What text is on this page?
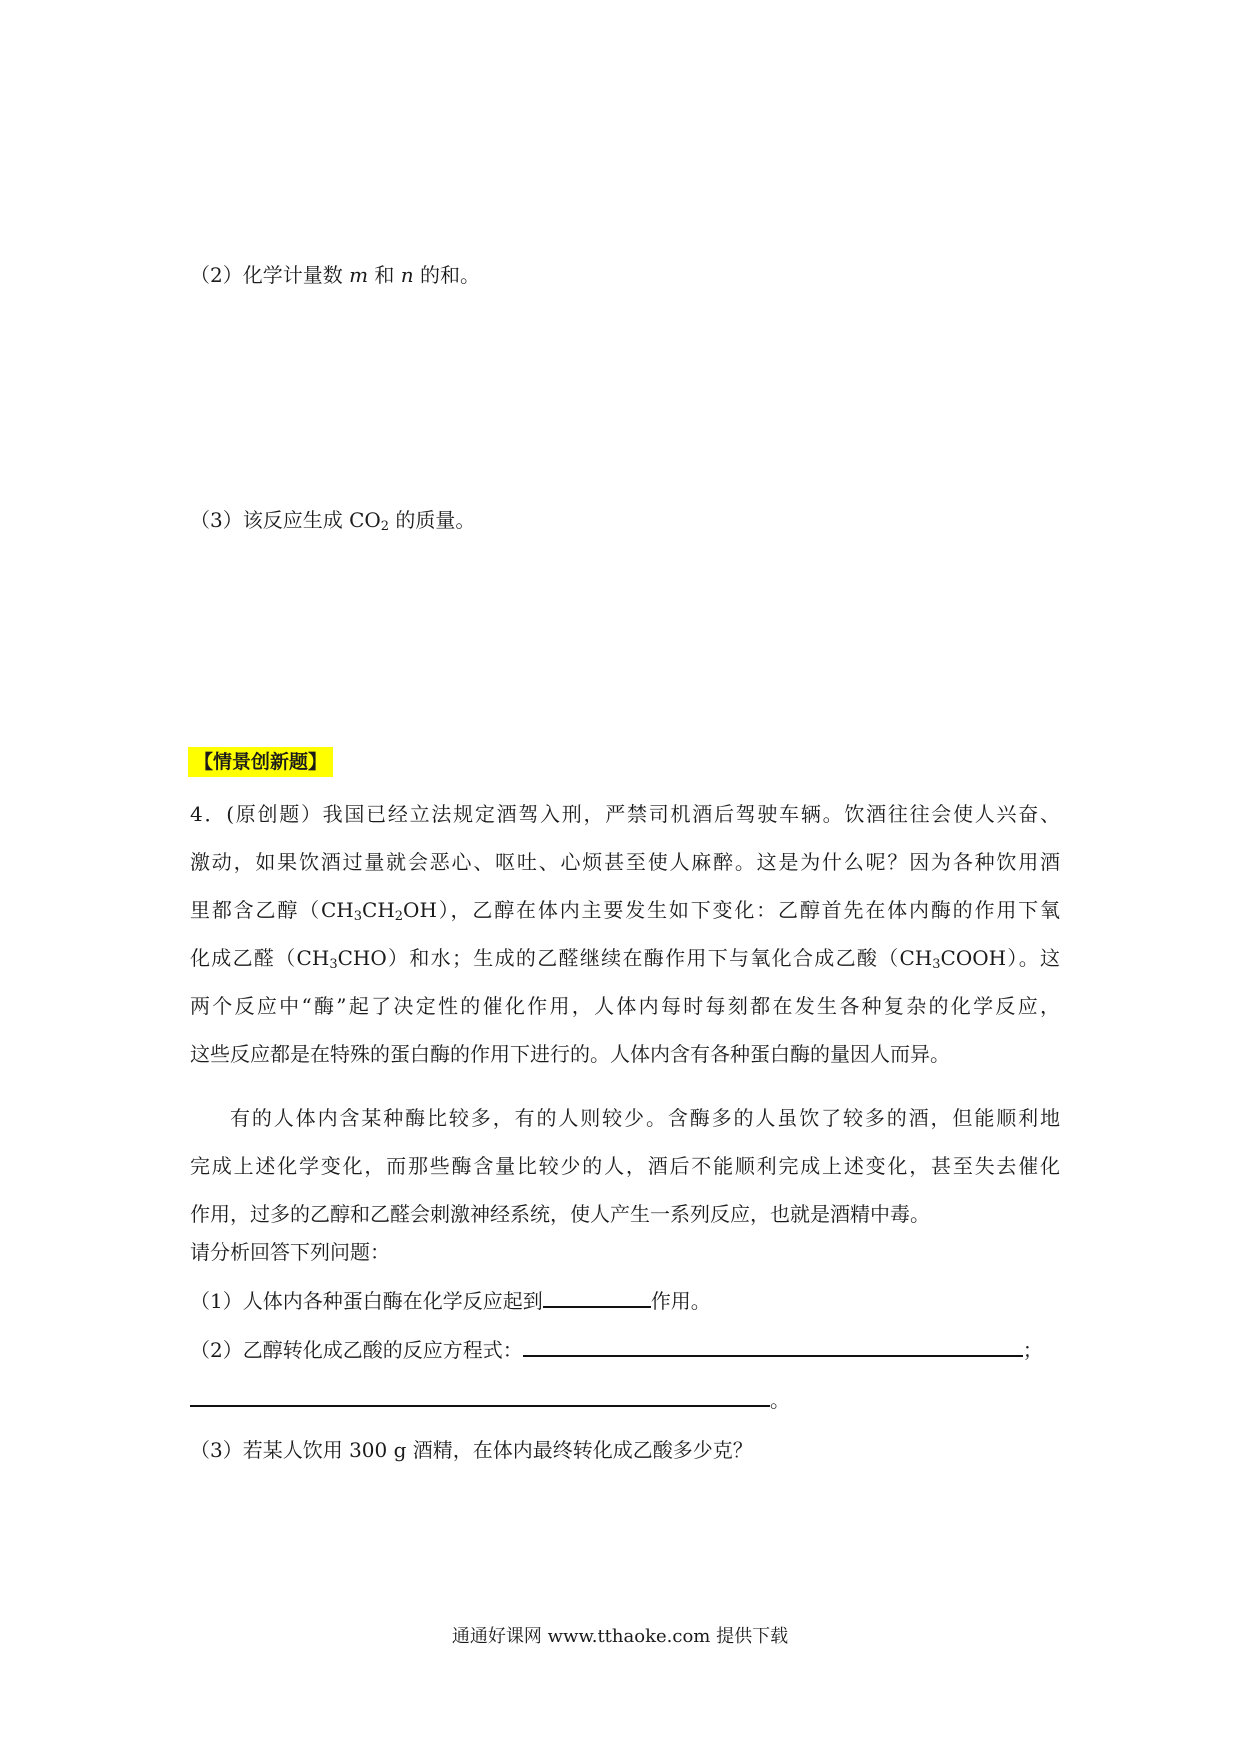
（2）化学计量数 m 和 n 的和。
（3）该反应生成 $CO_2$ 的质量。
【情景创新题】
4．(原创题）我国已经立法规定酒驾入刑，严禁司机酒后驾驶车辆。饮酒往往会使人兴奋、
激动，如果饮酒过量就会恶心、呕吐、心烦甚至使人麻醉。这是为什么呢？因为各种饮用酒
里都含乙醇$(CH_3CH_2OH)$，乙醇在体内主要发生如下变化：乙醇首先在体内酶的作用下氧
化成乙醛$(CH_3CHO)$和水；生成的乙醛继续在酶作用下与氧化合成乙酸$(CH_3COOH)$。这
两个反应中“酶”起了决定性的催化作用，人体内每时每刻都在发生各种复杂的化学反应，
这些反应都是在特殊的蛋白酶的作用下进行的。人体内含有各种蛋白酶的量因人而异。
有的人体内含某种酶比较多，有的人则较少。含酶多的人虽饮了较多的酒，但能顺利地
完成上述化学变化，而那些酶含量比较少的人，酒后不能顺利完成上述变化，甚至失去催化
作用，过多的乙醇和乙醛会刺激神经系统，使人产生一系列反应，也就是酒精中毒。
请分析回答下列问题：
（1）人体内各种蛋白酶在化学反应起到	作用。
（2）乙醇转化成乙酸的反应方程式：	；
。
（3）若某人饮用 300 g 酒精，在体内最终转化成乙酸多少克？
通通好课网 www.tthaoke.com 提供下载
